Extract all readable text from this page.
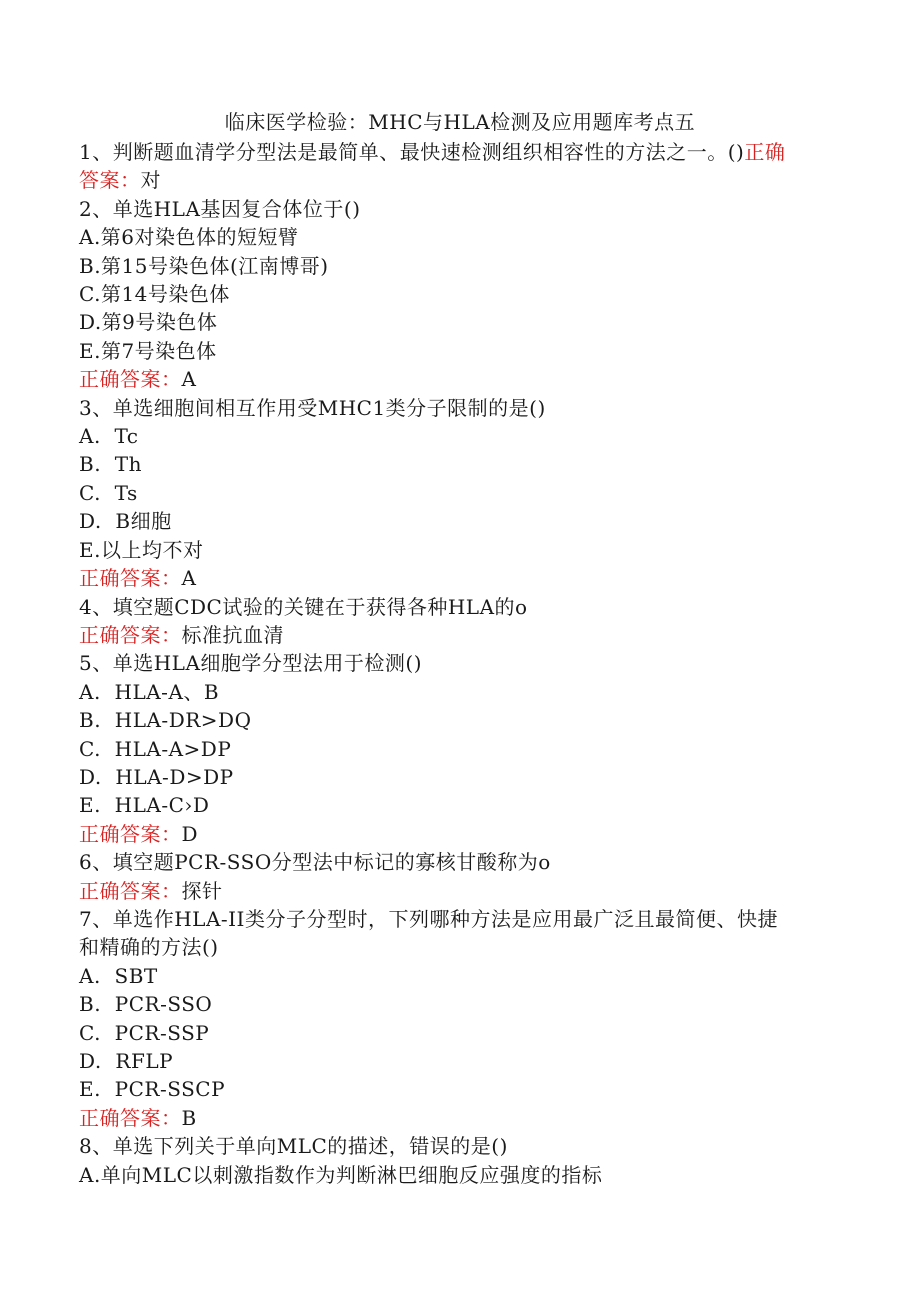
临床医学检验：MHC与HLA检测及应用题库考点五
1、判断题血清学分型法是最简单、最快速检测组织相容性的方法之一。()正确
答案：对
2、单选HLA基因复合体位于()
A.第6对染色体的短短臂
B.第15号染色体(江南博哥)
C.第14号染色体
D.第9号染色体
E.第7号染色体
正确答案：A
3、单选细胞间相互作用受MHC1类分子限制的是()
A.  Tc
B.  Th
C.  Ts
D.  B细胞
E.以上均不对
正确答案：A
4、填空题CDC试验的关键在于获得各种HLA的o
正确答案：标准抗血清
5、单选HLA细胞学分型法用于检测()
A.  HLA-A、B
B.  HLA-DR>DQ
C.  HLA-A>DP
D.  HLA-D>DP
E.  HLA-C›D
正确答案：D
6、填空题PCR-SSO分型法中标记的寡核甘酸称为o
正确答案：探针
7、单选作HLA-II类分子分型时，下列哪种方法是应用最广泛且最简便、快捷
和精确的方法()
A.  SBT
B.  PCR-SSO
C.  PCR-SSP
D.  RFLP
E.  PCR-SSCP
正确答案：B
8、单选下列关于单向MLC的描述，错误的是()
A.单向MLC以刺激指数作为判断淋巴细胞反应强度的指标
